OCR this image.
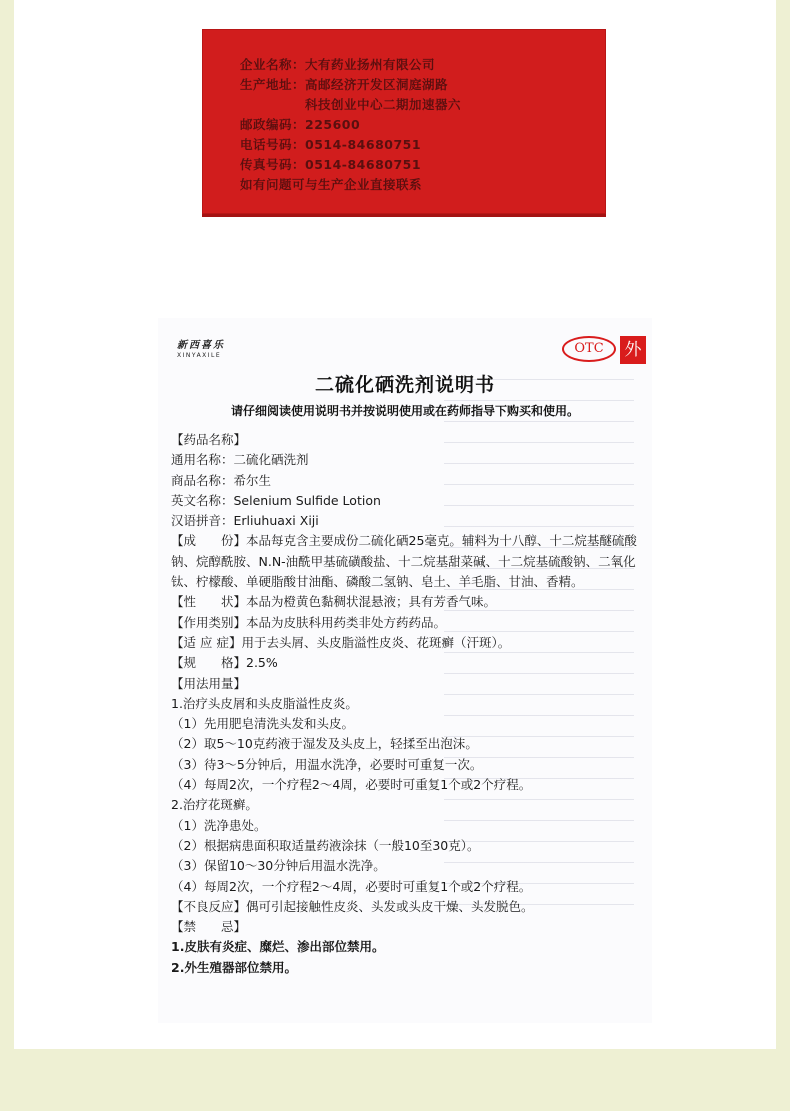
企业名称：大有药业扬州有限公司
生产地址：高邮经济开发区洞庭湖路
　　　　　科技创业中心二期加速器六
邮政编码：225600
电话号码：0514-84680751
传真号码：0514-84680751
如有问题可与生产企业直接联系
新西喜乐
XINYAXILE	OTC	外
二硫化硒洗剂说明书
请仔细阅读使用说明书并按说明使用或在药师指导下购买和使用。

【药品名称】

通用名称：二硫化硒洗剂

商品名称：希尔生

英文名称：Selenium Sulfide Lotion

汉语拼音：Erliuhuaxi Xiji

【成　　份】本品每克含主要成份二硫化硒25毫克。辅料为十八醇、十二烷基醚硫酸钠、烷醇酰胺、N.N-油酰甲基硫磺酸盐、十二烷基甜菜碱、十二烷基硫酸钠、二氧化钛、柠檬酸、单硬脂酸甘油酯、磷酸二氢钠、皂土、羊毛脂、甘油、香精。

【性　　状】本品为橙黄色黏稠状混悬液；具有芳香气味。

【作用类别】本品为皮肤科用药类非处方药药品。

【适 应 症】用于去头屑、头皮脂溢性皮炎、花斑癣（汗斑）。

【规　　格】2.5%

【用法用量】

1.治疗头皮屑和头皮脂溢性皮炎。

（1）先用肥皂清洗头发和头皮。

（2）取5～10克药液于湿发及头皮上，轻揉至出泡沫。

（3）待3～5分钟后，用温水洗净，必要时可重复一次。

（4）每周2次，一个疗程2～4周，必要时可重复1个或2个疗程。

2.治疗花斑癣。

（1）洗净患处。

（2）根据病患面积取适量药液涂抹（一般10至30克）。

（3）保留10～30分钟后用温水洗净。

（4）每周2次，一个疗程2～4周，必要时可重复1个或2个疗程。

【不良反应】偶可引起接触性皮炎、头发或头皮干燥、头发脱色。

【禁　　忌】

1.皮肤有炎症、糜烂、渗出部位禁用。

2.外生殖器部位禁用。
